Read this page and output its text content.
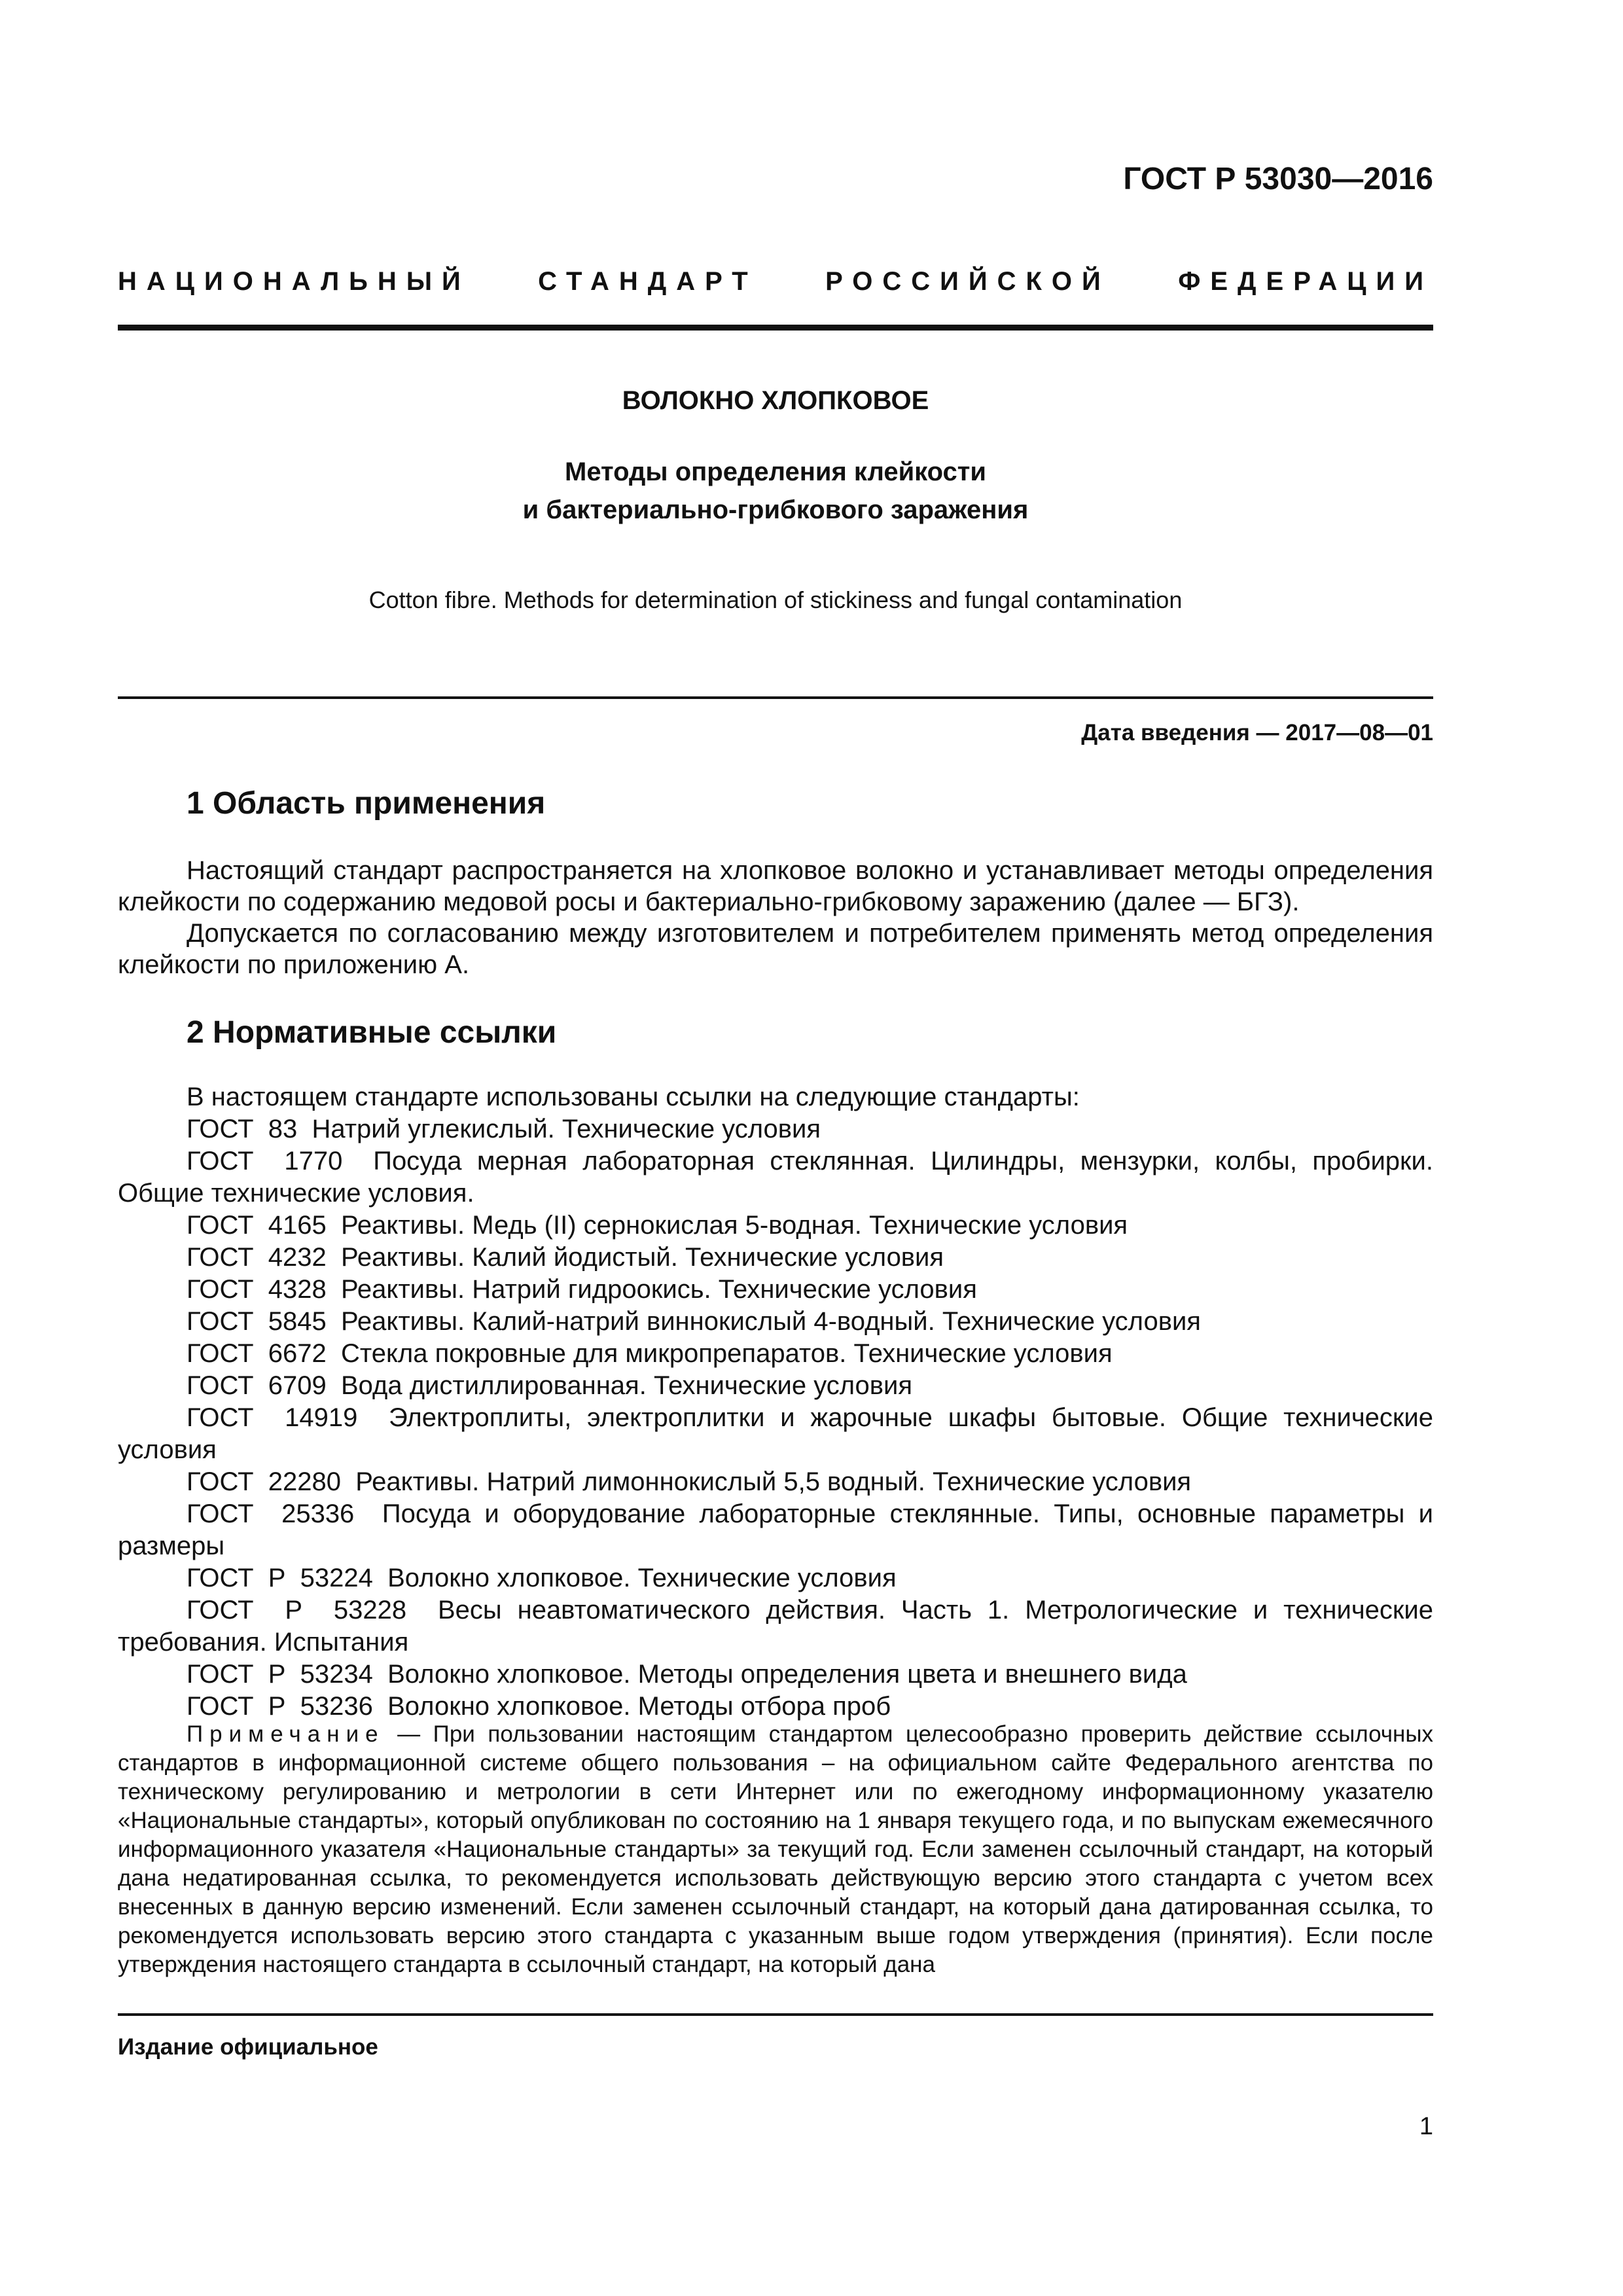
ГОСТ Р 53030—2016
НАЦИОНАЛЬНЫЙ	СТАНДАРТ	РОССИЙСКОЙ	ФЕДЕРАЦИИ
ВОЛОКНО ХЛОПКОВОЕ
Методы определения клейкости
и бактериально-грибкового заражения
Cotton fibre. Methods for determination of stickiness and fungal contamination
Дата введения — 2017—08—01
1 Область применения

Настоящий стандарт распространяется на хлопковое волокно и устанавливает методы определения клейкости по содержанию медовой росы и бактериально-грибковому заражению (далее — БГЗ).

Допускается по согласованию между изготовителем и потребителем применять метод определения клейкости по приложению А.

2 Нормативные ссылки
В настоящем стандарте использованы ссылки на следующие стандарты:
ГОСТ  83 Натрий углекислый. Технические условия
ГОСТ  1770 Посуда мерная лабораторная стеклянная. Цилиндры, мензурки, колбы, пробирки. Общие технические условия.
ГОСТ  4165 Реактивы. Медь (II) сернокислая 5-водная. Технические условия
ГОСТ  4232 Реактивы. Калий йодистый. Технические условия
ГОСТ  4328 Реактивы. Натрий гидроокись. Технические условия
ГОСТ  5845 Реактивы. Калий-натрий виннокислый 4-водный. Технические условия
ГОСТ  6672 Стекла покровные для микропрепаратов. Технические условия
ГОСТ  6709 Вода дистиллированная. Технические условия
ГОСТ  14919 Электроплиты, электроплитки и жарочные шкафы бытовые. Общие технические условия
ГОСТ  22280 Реактивы. Натрий лимоннокислый 5,5 водный. Технические условия
ГОСТ  25336 Посуда и оборудование лабораторные стеклянные. Типы, основные параметры и размеры
ГОСТ  Р  53224 Волокно хлопковое. Технические условия
ГОСТ  Р  53228 Весы неавтоматического действия. Часть 1. Метрологические и технические требования. Испытания
ГОСТ  Р  53234 Волокно хлопковое. Методы определения цвета и внешнего вида
ГОСТ  Р  53236 Волокно хлопковое. Методы отбора проб
Примечание — При пользовании настоящим стандартом целесообразно проверить действие ссылочных стандартов в информационной системе общего пользования – на официальном сайте Федерального агентства по техническому регулированию и метрологии в сети Интернет или по ежегодному информационному указателю «Национальные стандарты», который опубликован по состоянию на 1 января текущего года, и по выпускам ежемесячного информационного указателя «Национальные стандарты» за текущий год. Если заменен ссылочный стандарт, на который дана недатированная ссылка, то рекомендуется использовать действующую версию этого стандарта с учетом всех внесенных в данную версию изменений. Если заменен ссылочный стандарт, на который дана датированная ссылка, то рекомендуется использовать версию этого стандарта с указанным выше годом утверждения (принятия). Если после утверждения настоящего стандарта в ссылочный стандарт, на который дана
Издание официальное
1
